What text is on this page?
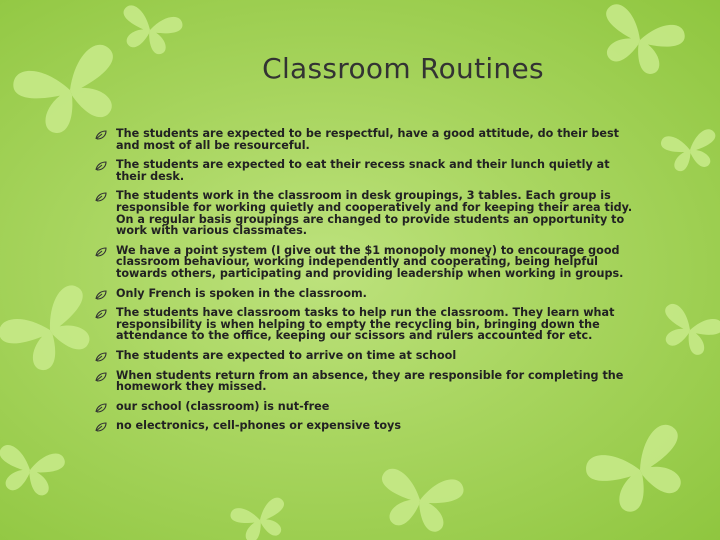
Classroom Routines
The students are expected to be respectful, have a good attitude, do their best and most of all be resourceful.
The students are expected to eat their recess snack and their lunch quietly at their desk.
The students work in the classroom in desk groupings, 3 tables. Each group is responsible for working quietly and cooperatively and for keeping their area tidy. On a regular basis groupings are changed to provide students an opportunity to work with various classmates.
We have a point system (I give out the $1 monopoly money) to encourage good classroom behaviour, working independently and cooperating, being helpful towards others, participating and providing leadership when working in groups.
Only French is spoken in the classroom.
The students have classroom tasks to help run the classroom. They learn what responsibility is when helping to empty the recycling bin, bringing down the attendance to the office, keeping our scissors and rulers accounted for etc.
The students are expected to arrive on time at school
When students return from an absence, they are responsible for completing the homework they missed.
our school (classroom) is nut-free
no electronics, cell-phones or expensive toys
